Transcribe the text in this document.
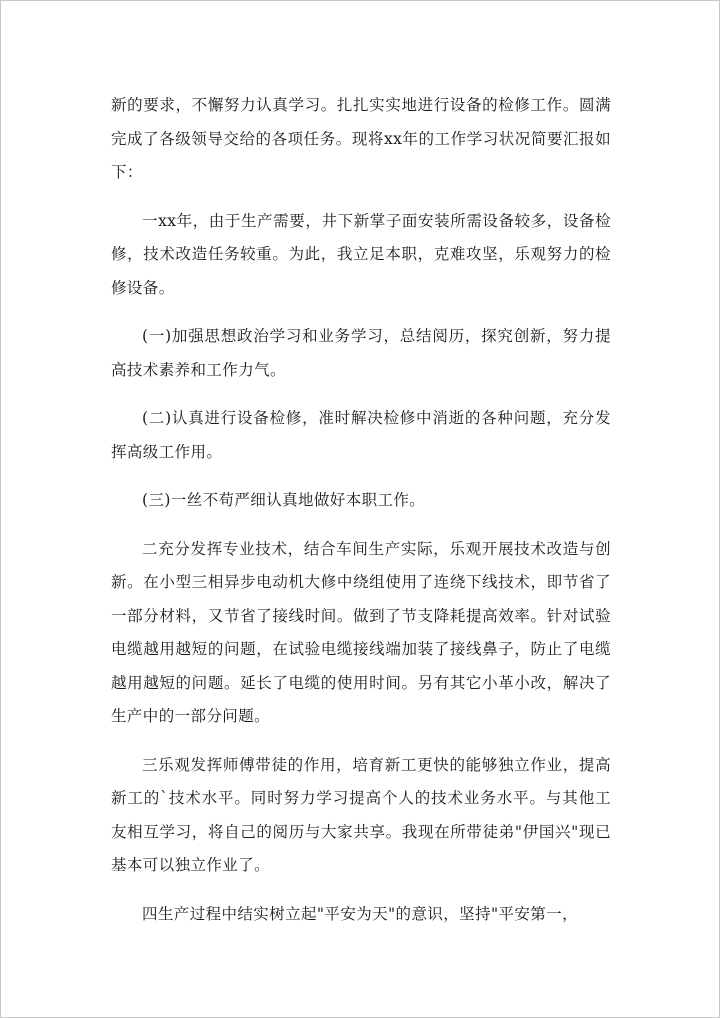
新的要求，不懈努力认真学习。扎扎实实地进行设备的检修工作。圆满完成了各级领导交给的各项任务。现将xx年的工作学习状况简要汇报如下：

一xx年，由于生产需要，井下新掌子面安装所需设备较多，设备检修，技术改造任务较重。为此，我立足本职，克难攻坚，乐观努力的检修设备。

(一)加强思想政治学习和业务学习，总结阅历，探究创新，努力提高技术素养和工作力气。

(二)认真进行设备检修，准时解决检修中消逝的各种问题，充分发挥高级工作用。

(三)一丝不苟严细认真地做好本职工作。

二充分发挥专业技术，结合车间生产实际，乐观开展技术改造与创新。在小型三相异步电动机大修中绕组使用了连绕下线技术，即节省了一部分材料，又节省了接线时间。做到了节支降耗提高效率。针对试验电缆越用越短的问题，在试验电缆接线端加装了接线鼻子，防止了电缆越用越短的问题。延长了电缆的使用时间。另有其它小革小改，解决了生产中的一部分问题。

三乐观发挥师傅带徒的作用，培育新工更快的能够独立作业，提高新工的`技术水平。同时努力学习提高个人的技术业务水平。与其他工友相互学习，将自己的阅历与大家共享。我现在所带徒弟"伊国兴"现已基本可以独立作业了。

四生产过程中结实树立起"平安为天"的意识，坚持"平安第一，
